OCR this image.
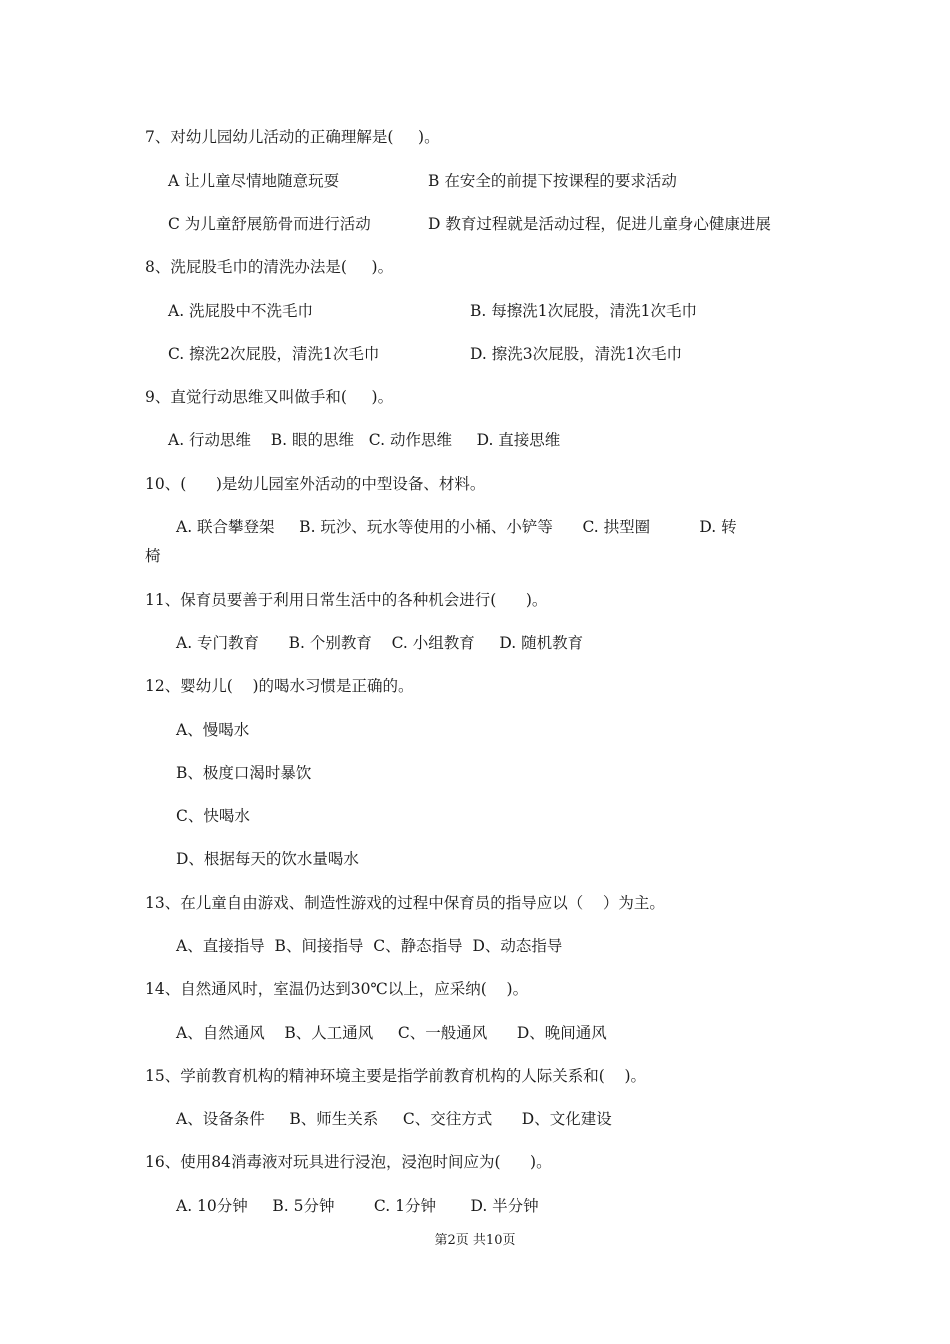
7、对幼儿园幼儿活动的正确理解是(     )。
A 让儿童尽情地随意玩耍	B 在安全的前提下按课程的要求活动
C 为儿童舒展筋骨而进行活动	D 教育过程就是活动过程，促进儿童身心健康进展
8、洗屁股毛巾的清洗办法是(     )。
A. 洗屁股中不洗毛巾	B. 每擦洗1次屁股，清洗1次毛巾
C. 擦洗2次屁股，清洗1次毛巾	D. 擦洗3次屁股，清洗1次毛巾
9、直觉行动思维又叫做手和(     )。
A. 行动思维    B. 眼的思维   C. 动作思维     D. 直接思维
10、(      )是幼儿园室外活动的中型设备、材料。
A. 联合攀登架     B. 玩沙、玩水等使用的小桶、小铲等      C. 拱型圈          D. 转
椅
11、保育员要善于利用日常生活中的各种机会进行(      )。
A. 专门教育      B. 个别教育    C. 小组教育     D. 随机教育
12、婴幼儿(    )的喝水习惯是正确的。
A、慢喝水
B、极度口渴时暴饮
C、快喝水
D、根据每天的饮水量喝水
13、在儿童自由游戏、制造性游戏的过程中保育员的指导应以（    ）为主。
A、直接指导  B、间接指导  C、静态指导  D、动态指导
14、自然通风时，室温仍达到30℃以上，应采纳(    )。
A、自然通风    B、人工通风     C、一般通风      D、晚间通风
15、学前教育机构的精神环境主要是指学前教育机构的人际关系和(    )。
A、设备条件     B、师生关系     C、交往方式      D、文化建设
16、使用84消毒液对玩具进行浸泡，浸泡时间应为(      )。
A. 10分钟     B. 5分钟        C. 1分钟       D. 半分钟
第2页 共10页
